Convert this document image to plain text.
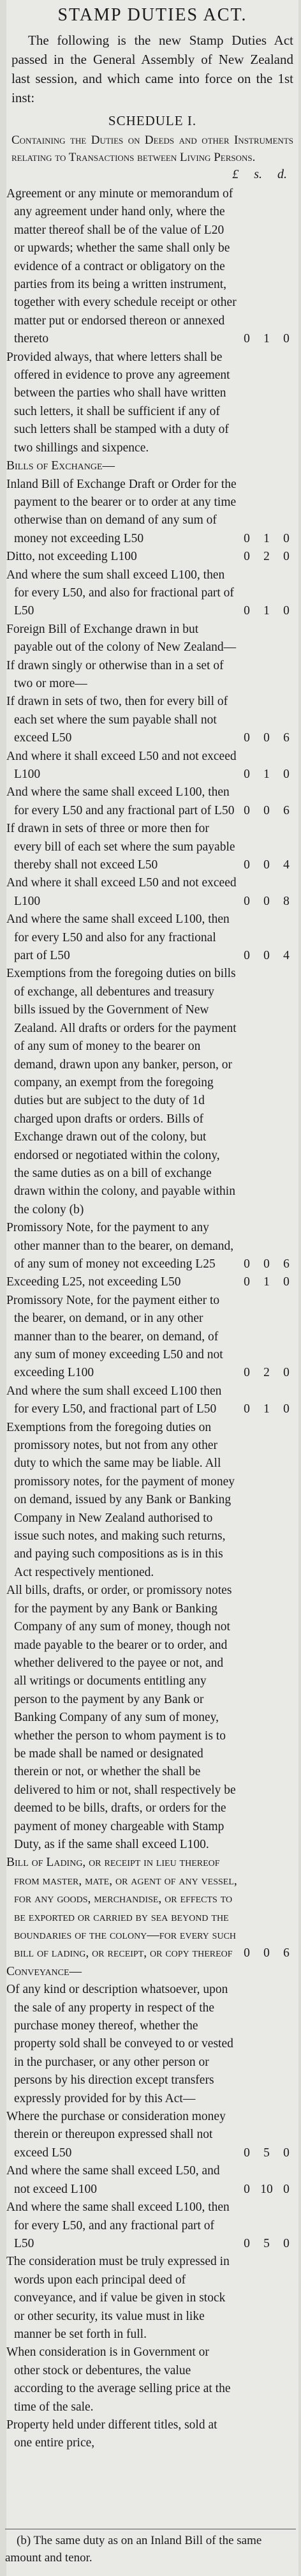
STAMP DUTIES ACT.

The following is the new Stamp Duties Act passed in the General Assembly of New Zealand last session, and which came into force on the 1st inst:

SCHEDULE I.
Containing the Duties on Deeds and other Instruments relating to Transactions between Living Persons.
£ s. d.
Agreement or any minute or memorandum of any agreement under hand only, where the matter thereof shall be of the value of L20 or upwards; whether the same shall only be evidence of a contract or obligatory on the parties from its being a written instrument, together with every schedule receipt or other matter put or endorsed thereon or annexed thereto	0	1	0
Provided always, that where letters shall be offered in evidence to prove any agreement between the parties who shall have written such letters, it shall be sufficient if any of such letters shall be stamped with a duty of two shillings and sixpence.
Bills of Exchange—
Inland Bill of Exchange Draft or Order for the payment to the bearer or to order at any time otherwise than on demand of any sum of money not exceeding L50	0	1	0
Ditto, not exceeding L100	0	2	0
And where the sum shall exceed L100, then for every L50, and also for fractional part of L50	0	1	0
Foreign Bill of Exchange drawn in but payable out of the colony of New Zealand—
If drawn singly or otherwise than in a set of two or more—
If drawn in sets of two, then for every bill of each set where the sum payable shall not exceed L50	0	0	6
And where it shall exceed L50 and not exceed L100	0	1	0
And where the same shall exceed L100, then for every L50 and any fractional part of L50 0	0	6
If drawn in sets of three or more then for every bill of each set where the sum payable thereby shall not exceed L50	0	0	4
And where it shall exceed L50 and not exceed L100	0	0	8
And where the same shall exceed L100, then for every L50 and also for any fractional part of L50	0	0	4
Exemptions from the foregoing duties on bills of exchange, all debentures and treasury bills issued by the Government of New Zealand. All drafts or orders for the payment of any sum of money to the bearer on demand, drawn upon any banker, person, or company, an exempt from the foregoing duties but are subject to the duty of 1d charged upon drafts or orders. Bills of Exchange drawn out of the colony, but endorsed or negotiated within the colony, the same duties as on a bill of exchange drawn within the colony, and payable within the colony (b)
Promissory Note, for the payment to any other manner than to the bearer, on demand, of any sum of money not exceeding L25	0	0	6
Exceeding L25, not exceeding L50	0	1	0
Promissory Note, for the payment either to the bearer, on demand, or in any other manner than to the bearer, on demand, of any sum of money exceeding L50 and not exceeding L100	0	2	0
And where the sum shall exceed L100 then for every L50, and fractional part of L50	0	1	0
Exemptions from the foregoing duties on promissory notes, but not from any other duty to which the same may be liable. All promissory notes, for the payment of money on demand, issued by any Bank or Banking Company in New Zealand authorised to issue such notes, and making such returns, and paying such compositions as is in this Act respectively mentioned.
All bills, drafts, or order, or promissory notes for the payment by any Bank or Banking Company of any sum of money, though not made payable to the bearer or to order, and whether delivered to the payee or not, and all writings or documents entitling any person to the payment by any Bank or Banking Company of any sum of money, whether the person to whom payment is to be made shall be named or designated therein or not, or whether the shall be delivered to him or not, shall respectively be deemed to be bills, drafts, or orders for the payment of money chargeable with Stamp Duty, as if the same shall exceed L100.
Bill of Lading, or receipt in lieu thereof from master, mate, or agent of any vessel, for any goods, merchandise, or effects to be exported or carried by sea beyond the boundaries of the colony—for every such bill of lading, or receipt, or copy thereof 0	0	6
Conveyance—
Of any kind or description whatsoever, upon the sale of any property in respect of the purchase money thereof, whether the property sold shall be conveyed to or vested in the purchaser, or any other person or persons by his direction except transfers expressly provided for by this Act—
Where the purchase or consideration money therein or thereupon expressed shall not exceed L50	0	5	0
And where the same shall exceed L50, and not exceed L100	0 10 0
And where the same shall exceed L100, then for every L50, and any fractional part of L50	0	5	0
The consideration must be truly expressed in words upon each principal deed of conveyance, and if value be given in stock or other security, its value must in like manner be set forth in full.
When consideration is in Government or other stock or debentures, the value according to the average selling price at the time of the sale.
Property held under different titles, sold at one entire price,
(b) The same duty as on an Inland Bill of the same amount and tenor.
